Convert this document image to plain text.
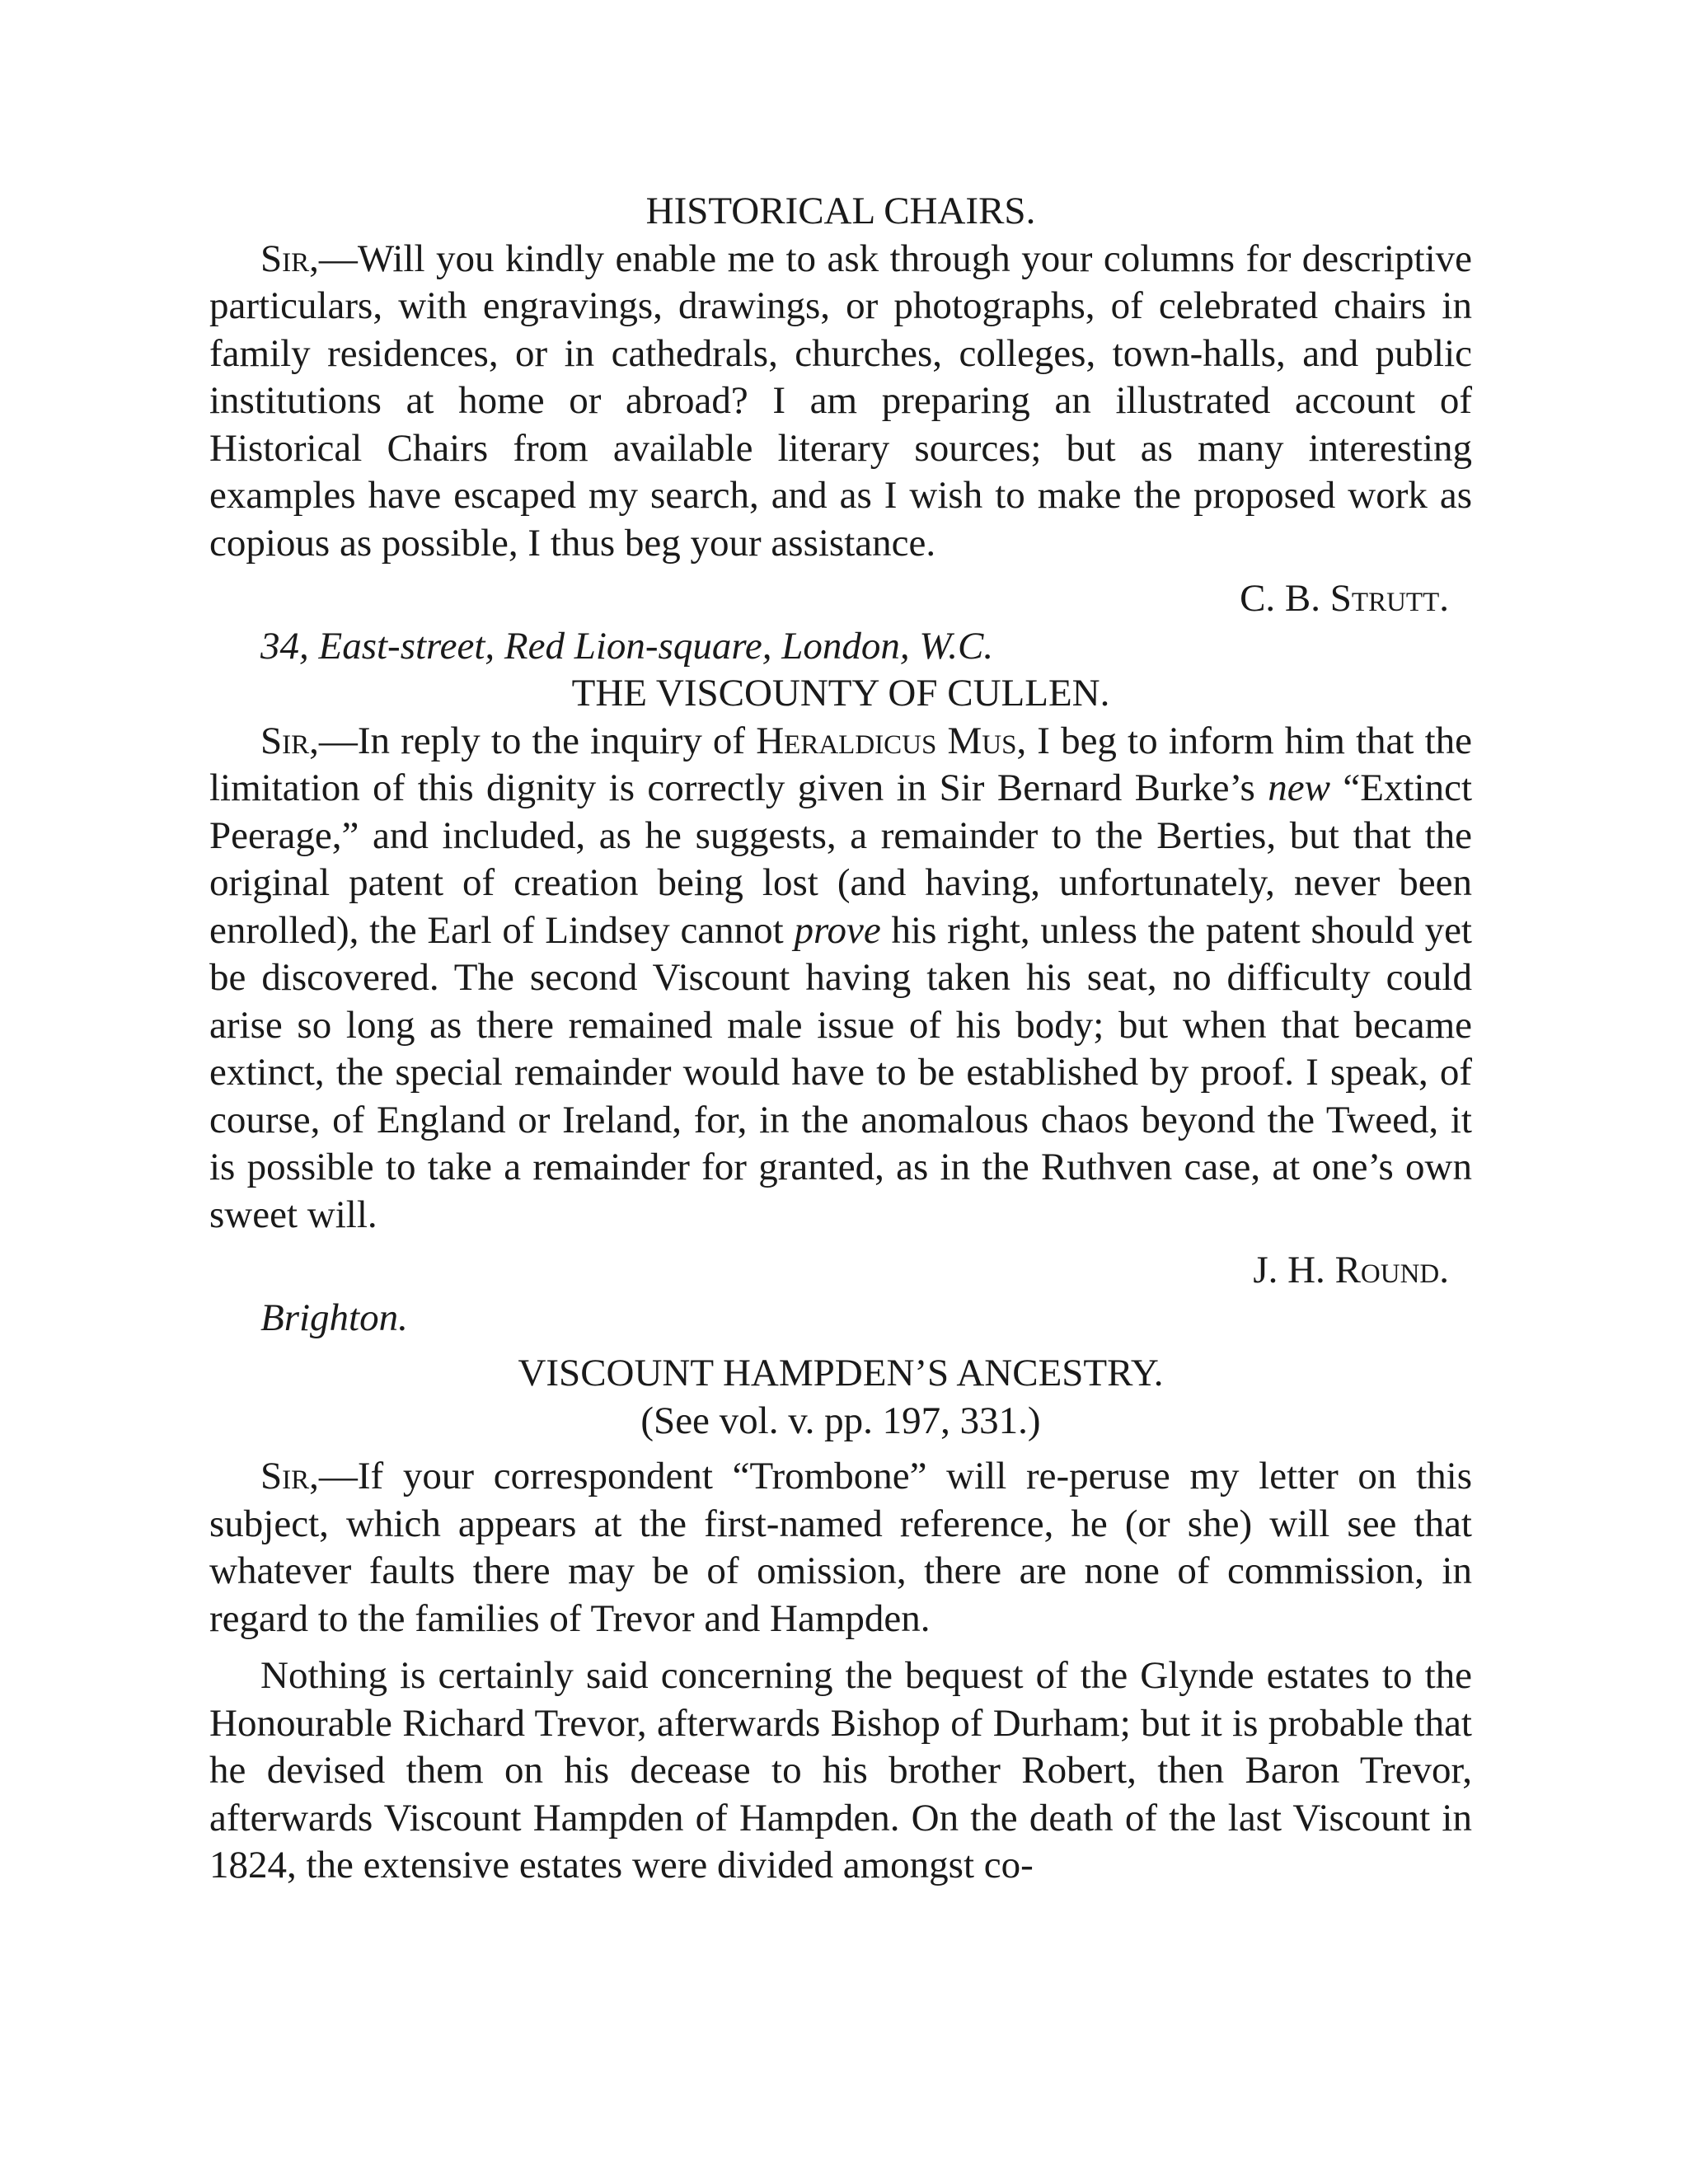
HISTORICAL CHAIRS.

Sir,—Will you kindly enable me to ask through your columns for descriptive particulars, with engravings, drawings, or photographs, of celebrated chairs in family residences, or in cathedrals, churches, colleges, town-halls, and public institutions at home or abroad? I am preparing an illustrated account of Historical Chairs from available literary sources; but as many interesting examples have escaped my search, and as I wish to make the proposed work as copious as possible, I thus beg your assistance.

C. B. Strutt.

34, East-street, Red Lion-square, London, W.C.

THE VISCOUNTY OF CULLEN.

Sir,—In reply to the inquiry of Heraldicus Mus, I beg to inform him that the limitation of this dignity is correctly given in Sir Bernard Burke’s new “Extinct Peerage,” and included, as he suggests, a remainder to the Berties, but that the original patent of creation being lost (and having, unfortunately, never been enrolled), the Earl of Lindsey cannot prove his right, unless the patent should yet be discovered. The second Viscount having taken his seat, no difficulty could arise so long as there remained male issue of his body; but when that became extinct, the special remainder would have to be established by proof. I speak, of course, of England or Ireland, for, in the anomalous chaos beyond the Tweed, it is possible to take a remainder for granted, as in the Ruthven case, at one’s own sweet will.

J. H. Round.

Brighton.

VISCOUNT HAMPDEN’S ANCESTRY.

(See vol. v. pp. 197, 331.)

Sir,—If your correspondent “Trombone” will re-peruse my letter on this subject, which appears at the first-named reference, he (or she) will see that whatever faults there may be of omission, there are none of commission, in regard to the families of Trevor and Hampden.

Nothing is certainly said concerning the bequest of the Glynde estates to the Honourable Richard Trevor, afterwards Bishop of Durham; but it is probable that he devised them on his decease to his brother Robert, then Baron Trevor, afterwards Viscount Hampden of Hampden. On the death of the last Viscount in 1824, the extensive estates were divided amongst co-
